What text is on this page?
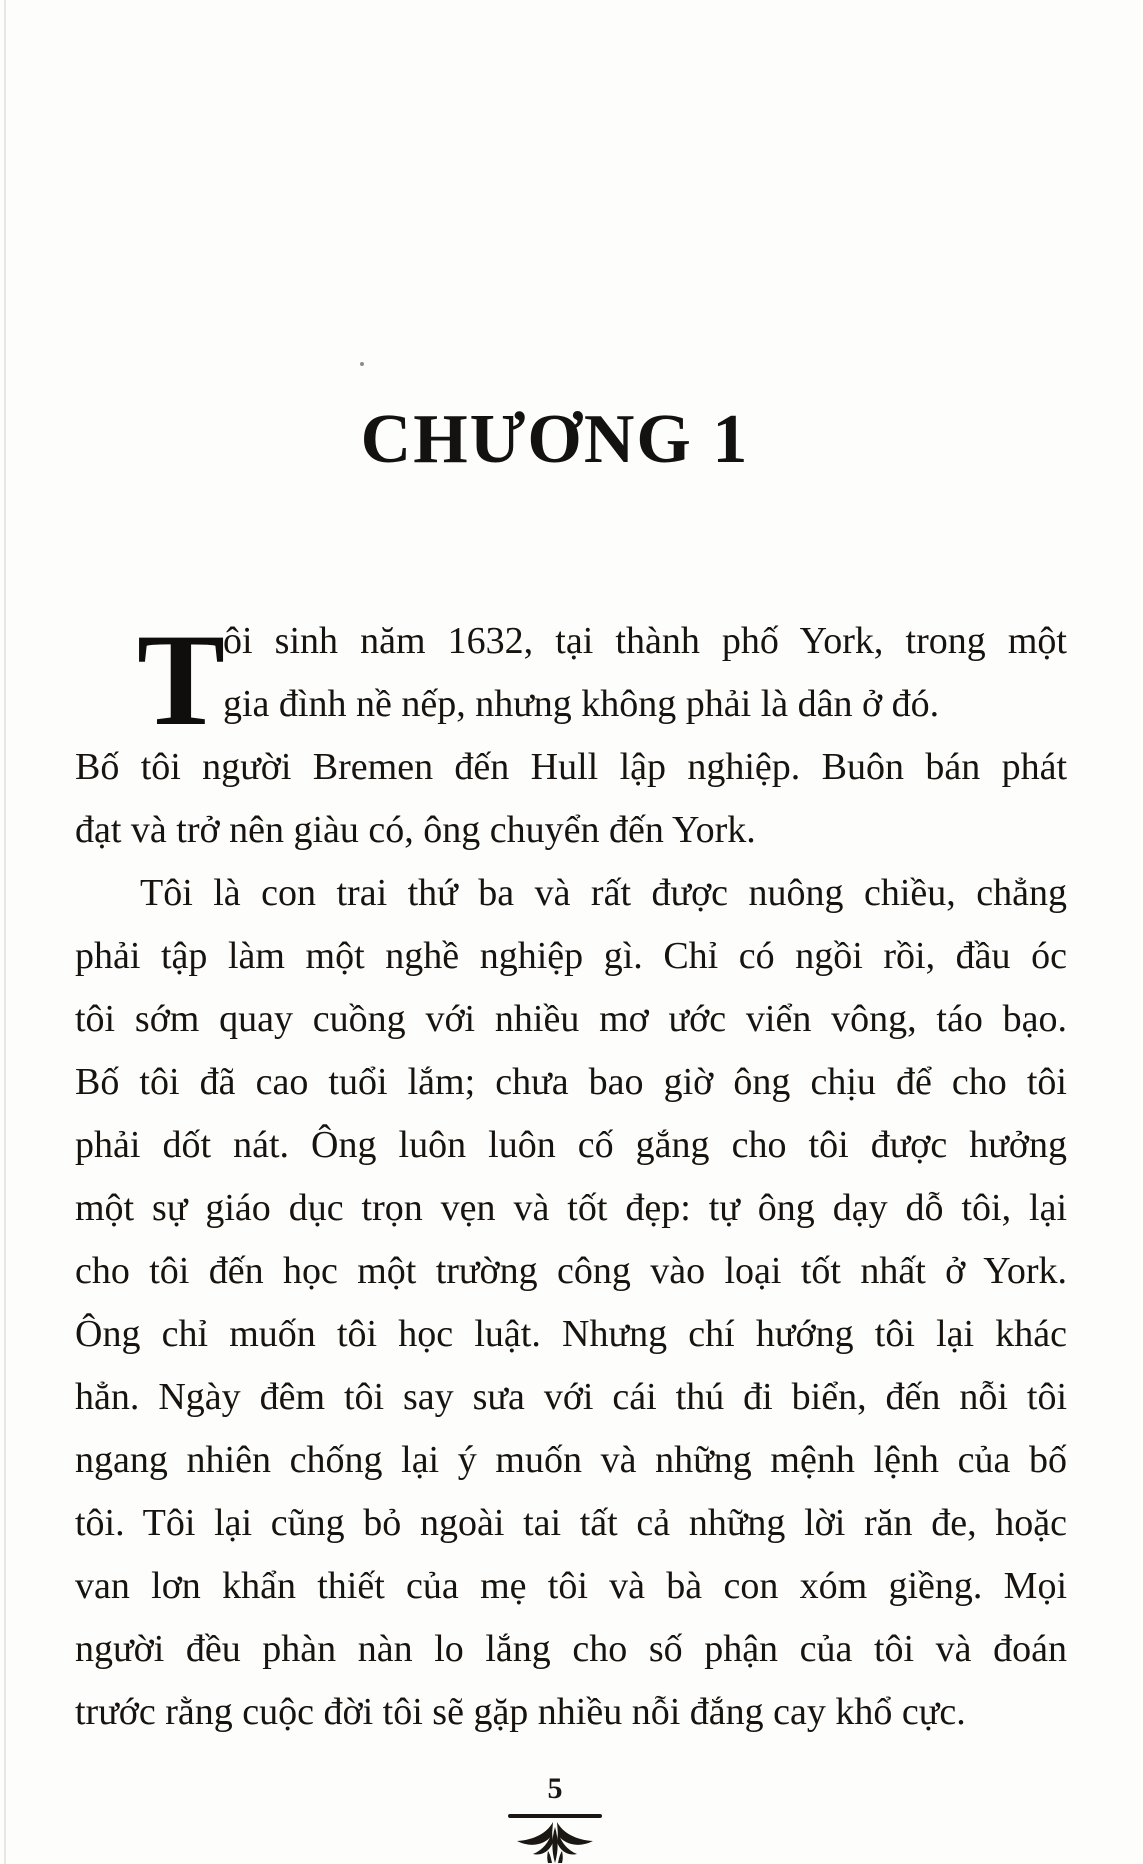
CHƯƠNG 1
T
ôi sinh năm 1632, tại thành phố York, trong một
gia đình nề nếp, nhưng không phải là dân ở đó.
Bố tôi người Bremen đến Hull lập nghiệp. Buôn bán phát
đạt và trở nên giàu có, ông chuyển đến York.
Tôi là con trai thứ ba và rất được nuông chiều, chẳng
phải tập làm một nghề nghiệp gì. Chỉ có ngồi rồi, đầu óc
tôi sớm quay cuồng với nhiều mơ ước viển vông, táo bạo.
Bố tôi đã cao tuổi lắm; chưa bao giờ ông chịu để cho tôi
phải dốt nát. Ông luôn luôn cố gắng cho tôi được hưởng
một sự giáo dục trọn vẹn và tốt đẹp: tự ông dạy dỗ tôi, lại
cho tôi đến học một trường công vào loại tốt nhất ở York.
Ông chỉ muốn tôi học luật. Nhưng chí hướng tôi lại khác
hẳn. Ngày đêm tôi say sưa với cái thú đi biển, đến nỗi tôi
ngang nhiên chống lại ý muốn và những mệnh lệnh của bố
tôi. Tôi lại cũng bỏ ngoài tai tất cả những lời răn đe, hoặc
van lơn khẩn thiết của mẹ tôi và bà con xóm giềng. Mọi
người đều phàn nàn lo lắng cho số phận của tôi và đoán
trước rằng cuộc đời tôi sẽ gặp nhiều nỗi đắng cay khổ cực.
5
